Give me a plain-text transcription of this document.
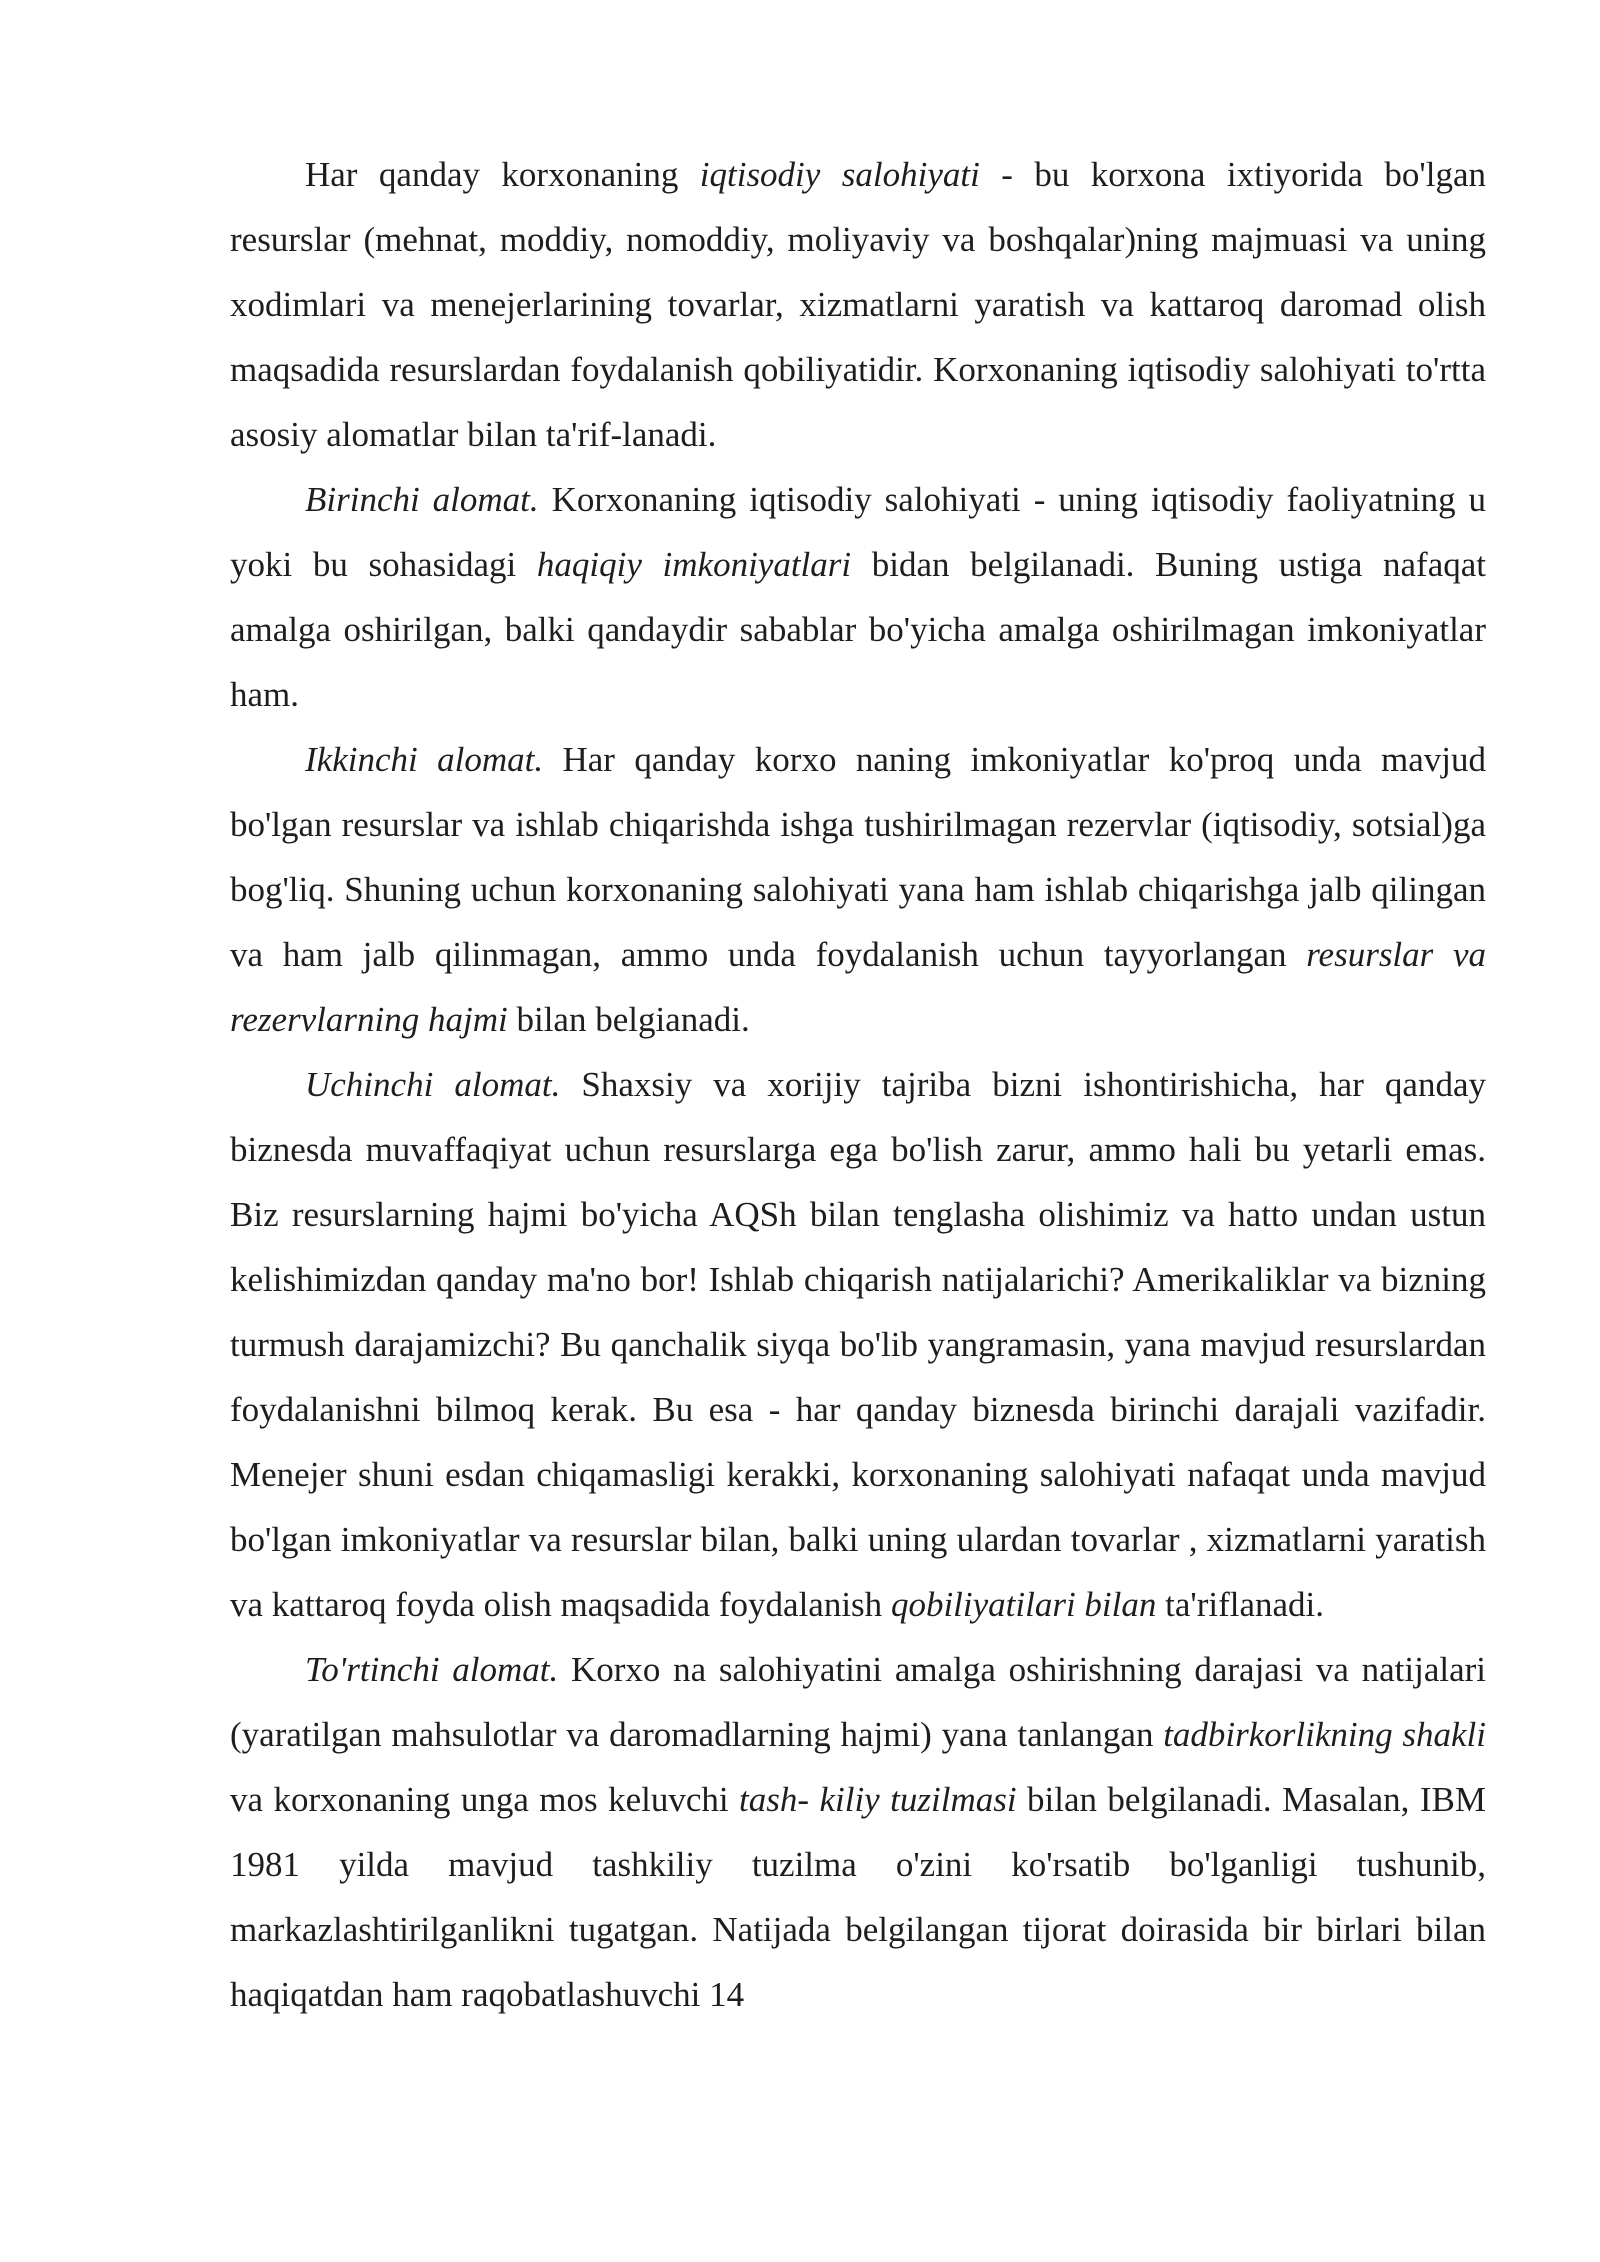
Har qanday korxonaning iqtisodiy salohiyati - bu korxona ixtiyorida bo'lgan resurslar (mehnat, moddiy, nomoddiy, moliyaviy va boshqalar)ning majmuasi va uning xodimlari va menejerlarining tovarlar, xizmatlarni yaratish va kattaroq daromad olish maqsadida resurslardan foydalanish qobiliyatidir. Korxonaning iqtisodiy salohiyati to'rtta asosiy alomatlar bilan ta'rif-lanadi.

Birinchi alomat. Korxonaning iqtisodiy salohiyati - uning iqtisodiy faoliyatning u yoki bu sohasidagi haqiqiy imkoniyatlari bidan belgilanadi. Buning ustiga nafaqat amalga oshirilgan, balki qandaydir sabablar bo'yicha amalga oshirilmagan imkoniyatlar ham.

Ikkinchi alomat. Har qanday korxo naning imkoniyatlar ko'proq unda mavjud bo'lgan resurslar va ishlab chiqarishda ishga tushirilmagan rezervlar (iqtisodiy, sotsial)ga bog'liq. Shuning uchun korxonaning salohiyati yana ham ishlab chiqarishga jalb qilingan va ham jalb qilinmagan, ammo unda foydalanish uchun tayyorlangan resurslar va rezervlarning hajmi bilan belgianadi.

Uchinchi alomat. Shaxsiy va xorijiy tajriba bizni ishontirishicha, har qanday biznesda muvaffaqiyat uchun resurslarga ega bo'lish zarur, ammo hali bu yetarli emas. Biz resurslarning hajmi bo'yicha AQSh bilan tenglasha olishimiz va hatto undan ustun kelishimizdan qanday ma'no bor! Ishlab chiqarish natijalarichi? Amerikaliklar va bizning turmush darajamizchi? Bu qanchalik siyqa bo'lib yangramasin, yana mavjud resurslardan foydalanishni bilmoq kerak. Bu esa - har qanday biznesda birinchi darajali vazifadir. Menejer shuni esdan chiqamasligi kerakki, korxonaning salohiyati nafaqat unda mavjud bo'lgan imkoniyatlar va resurslar bilan, balki uning ulardan tovarlar , xizmatlarni yaratish va kattaroq foyda olish maqsadida foydalanish qobiliyatilari bilan ta'riflanadi.

To'rtinchi alomat. Korxo na salohiyatini amalga oshirishning darajasi va natijalari (yaratilgan mahsulotlar va daromadlarning hajmi) yana tanlangan tadbirkorlikning shakli va korxonaning unga mos keluvchi tash- kiliy tuzilmasi bilan belgilanadi. Masalan, IBM 1981 yilda mavjud tashkiliy tuzilma o'zini ko'rsatib bo'lganligi tushunib, markazlashtirilganlikni tugatgan. Natijada belgilangan tijorat doirasida bir birlari bilan haqiqatdan ham raqobatlashuvchi 14
